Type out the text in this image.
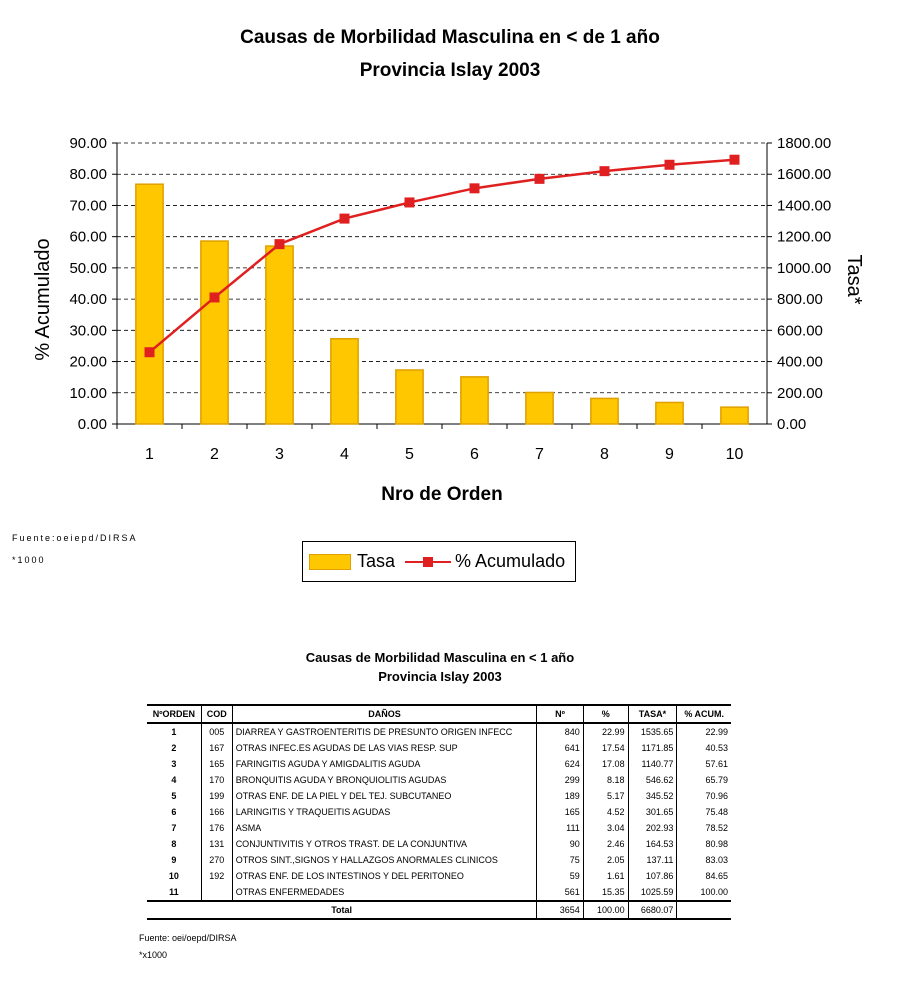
Causas de Morbilidad Masculina en < de 1 año
Provincia Islay 2003
0.00
10.00
20.00
30.00
40.00
50.00
60.00
70.00
80.00
90.00
0.00
200.00
400.00
600.00
800.00
1000.00
1200.00
1400.00
1600.00
1800.00
1	2	3	4	5	6	7	8	9	10
Nro de Orden
% Acumulado	Tasa*
Fuente:oeiepd/DIRSA
*1000	Tasa	% Acumulado
Causas de Morbilidad Masculina en < 1 año
Provincia Islay 2003
NºORDEN	COD	DAÑOS	Nº	%	TASA*	% ACUM.
1	005	DIARREA Y GASTROENTERITIS DE PRESUNTO ORIGEN INFECC	840	22.99	1535.65	22.99
2	167	OTRAS INFEC.ES AGUDAS DE LAS VIAS RESP. SUP	641	17.54	1171.85	40.53
3	165	FARINGITIS AGUDA Y AMIGDALITIS AGUDA	624	17.08	1140.77	57.61
4	170	BRONQUITIS AGUDA Y BRONQUIOLITIS AGUDAS	299	8.18	546.62	65.79
5	199	OTRAS ENF. DE LA PIEL Y DEL TEJ. SUBCUTANEO	189	5.17	345.52	70.96
6	166	LARINGITIS Y TRAQUEITIS AGUDAS	165	4.52	301.65	75.48
7	176	ASMA	111	3.04	202.93	78.52
8	131	CONJUNTIVITIS Y OTROS TRAST. DE LA CONJUNTIVA	90	2.46	164.53	80.98
9	270	OTROS SINT.,SIGNOS Y HALLAZGOS ANORMALES CLINICOS	75	2.05	137.11	83.03
10	192	OTRAS ENF. DE LOS INTESTINOS Y DEL PERITONEO	59	1.61	107.86	84.65
11		OTRAS ENFERMEDADES	561	15.35	1025.59	100.00
Total			3654	100.00	6680.07	
Fuente: oei/oepd/DIRSA
*x1000
